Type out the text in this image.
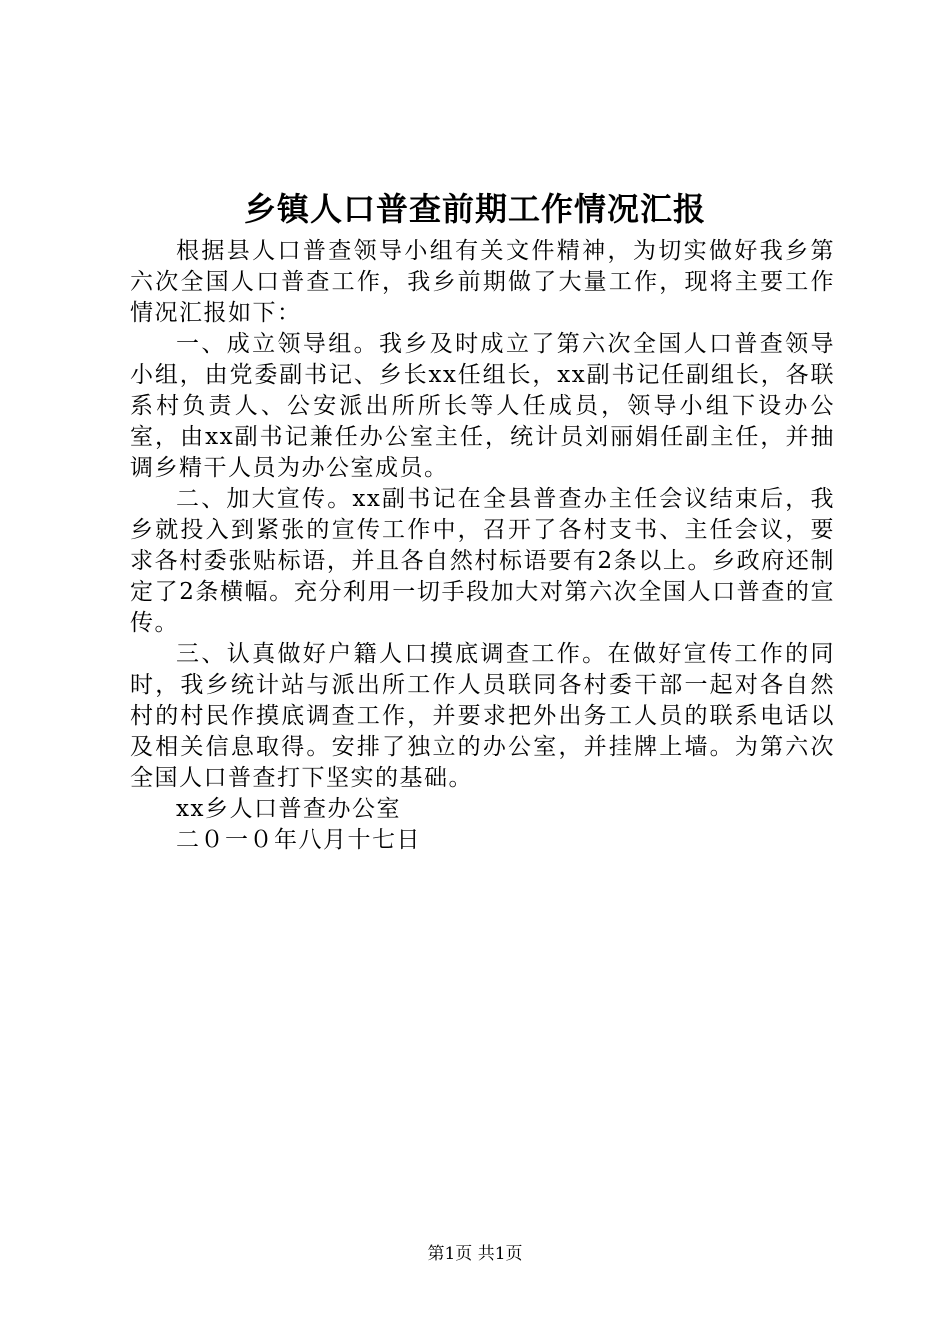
乡镇人口普查前期工作情况汇报

根据县人口普查领导小组有关文件精神，为切实做好我乡第六次全国人口普查工作，我乡前期做了大量工作，现将主要工作情况汇报如下：

一、成立领导组。我乡及时成立了第六次全国人口普查领导小组，由党委副书记、乡长xx任组长，xx副书记任副组长，各联系村负责人、公安派出所所长等人任成员，领导小组下设办公室，由xx副书记兼任办公室主任，统计员刘丽娟任副主任，并抽调乡精干人员为办公室成员。

二、加大宣传。xx副书记在全县普查办主任会议结束后，我乡就投入到紧张的宣传工作中，召开了各村支书、主任会议，要求各村委张贴标语，并且各自然村标语要有2条以上。乡政府还制定了2条横幅。充分利用一切手段加大对第六次全国人口普查的宣传。

三、认真做好户籍人口摸底调查工作。在做好宣传工作的同时，我乡统计站与派出所工作人员联同各村委干部一起对各自然村的村民作摸底调查工作，并要求把外出务工人员的联系电话以及相关信息取得。安排了独立的办公室，并挂牌上墙。为第六次全国人口普查打下坚实的基础。

xx乡人口普查办公室

二０一０年八月十七日

第1页 共1页
